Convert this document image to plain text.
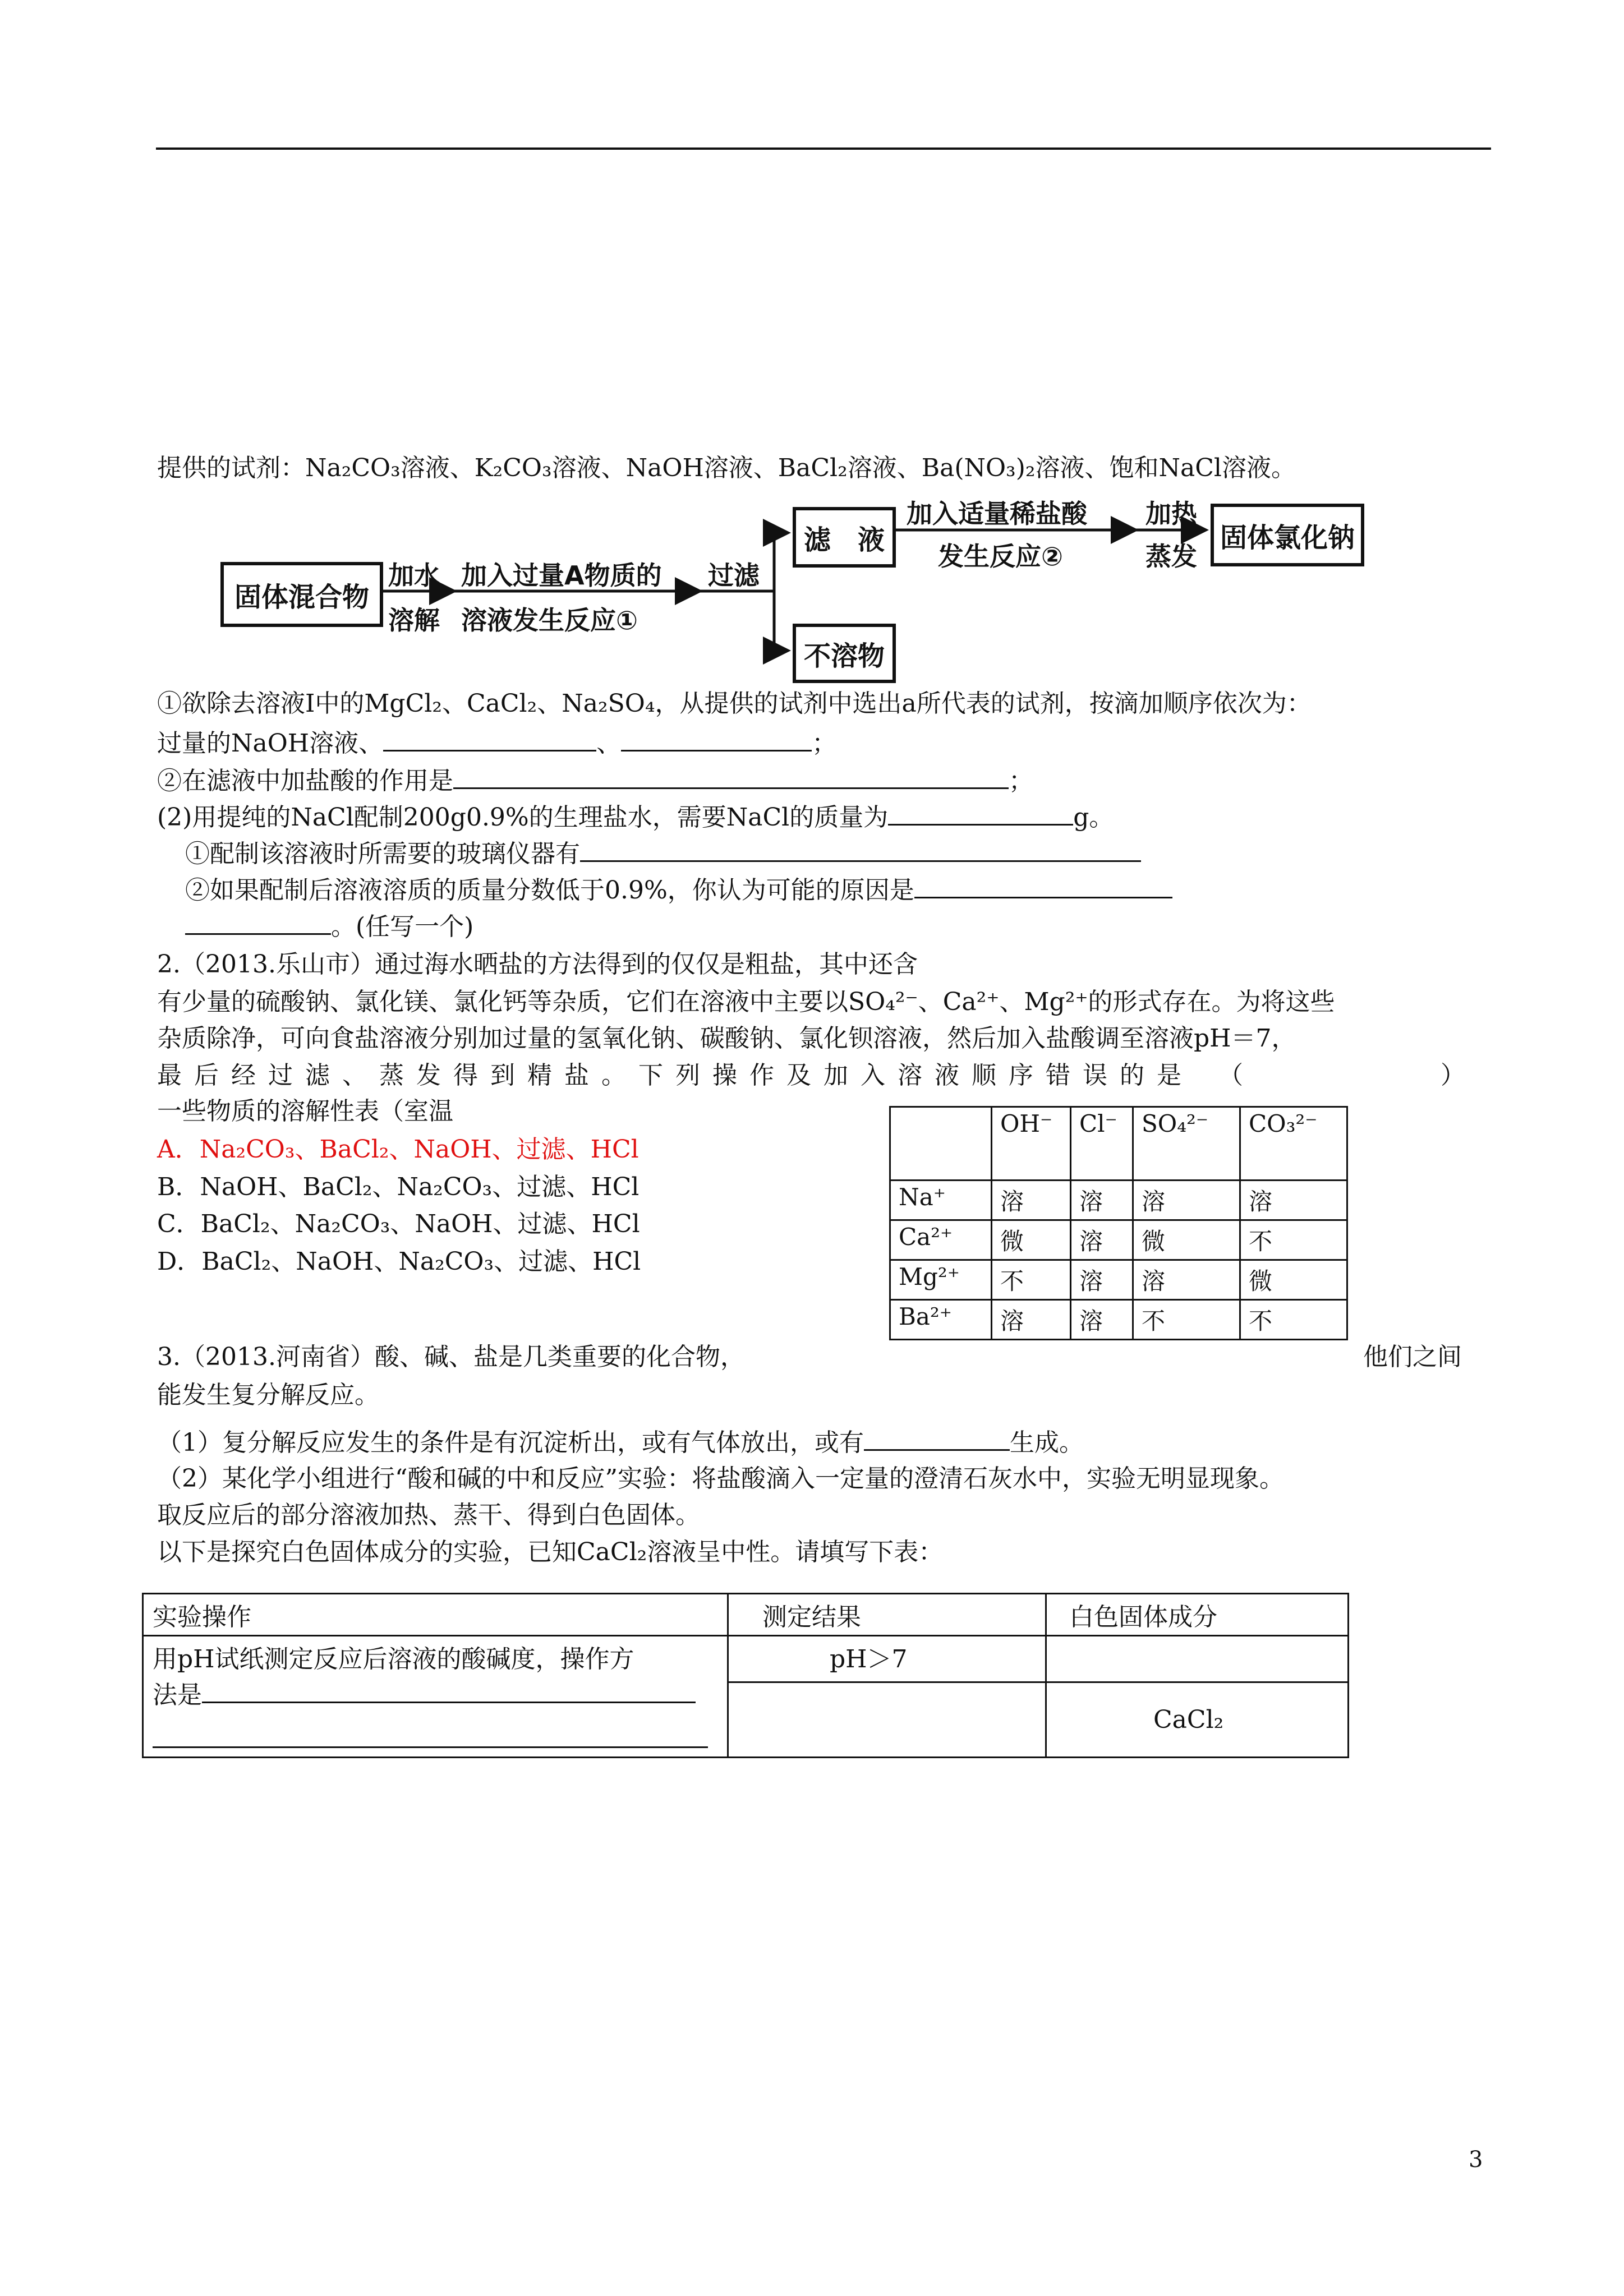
提供的试剂：Na₂CO₃溶液、K₂CO₃溶液、NaOH溶液、BaCl₂溶液、Ba(NO₃)₂溶液、饱和NaCl溶液。
固体混合物
加水
溶解
加入过量A物质的
溶液发生反应①
过滤
滤　液
加入适量稀盐酸
发生反应②
加热
蒸发
固体氯化钠
不溶物
①欲除去溶液Ⅰ中的MgCl₂、CaCl₂、Na₂SO₄，从提供的试剂中选出a所代表的试剂，按滴加顺序依次为：
过量的NaOH溶液、	、	；
②在滤液中加盐酸的作用是	；
(2)用提纯的NaCl配制200g0.9%的生理盐水，需要NaCl的质量为	g。
①配制该溶液时所需要的玻璃仪器有
②如果配制后溶液溶质的质量分数低于0.9%，你认为可能的原因是
。(任写一个)
2.（2013.乐山市）通过海水晒盐的方法得到的仅仅是粗盐，其中还含
有少量的硫酸钠、氯化镁、氯化钙等杂质，它们在溶液中主要以SO₄²⁻、Ca²⁺、Mg²⁺的形式存在。为将这些
杂质除净，可向食盐溶液分别加过量的氢氧化钠、碳酸钠、氯化钡溶液，然后加入盐酸调至溶液pH＝7，
最后经过滤、蒸发得到精盐。下列操作及加入溶液顺序错误的是　（　　　　　）
一些物质的溶解性表（室温
A．Na₂CO₃、BaCl₂、NaOH、过滤、HCl
B．NaOH、BaCl₂、Na₂CO₃、过滤、HCl
C．BaCl₂、Na₂CO₃、NaOH、过滤、HCl
D．BaCl₂、NaOH、Na₂CO₃、过滤、HCl
	OH⁻	Cl⁻	SO₄²⁻	CO₃²⁻
Na⁺	溶	溶	溶	溶
Ca²⁺	微	溶	微	不
Mg²⁺	不	溶	溶	微
Ba²⁺	溶	溶	不	不
3.（2013.河南省）酸、碱、盐是几类重要的化合物，	他们之间
能发生复分解反应。
（1）复分解反应发生的条件是有沉淀析出，或有气体放出，或有	生成。
（2）某化学小组进行“酸和碱的中和反应”实验：将盐酸滴入一定量的澄清石灰水中，实验无明显现象。
取反应后的部分溶液加热、蒸干、得到白色固体。
以下是探究白色固体成分的实验，已知CaCl₂溶液呈中性。请填写下表：
实验操作	测定结果	白色固体成分

用pH试纸测定反应后溶液的酸碱度，操作方
法是	pH＞7	
		CaCl₂
3
